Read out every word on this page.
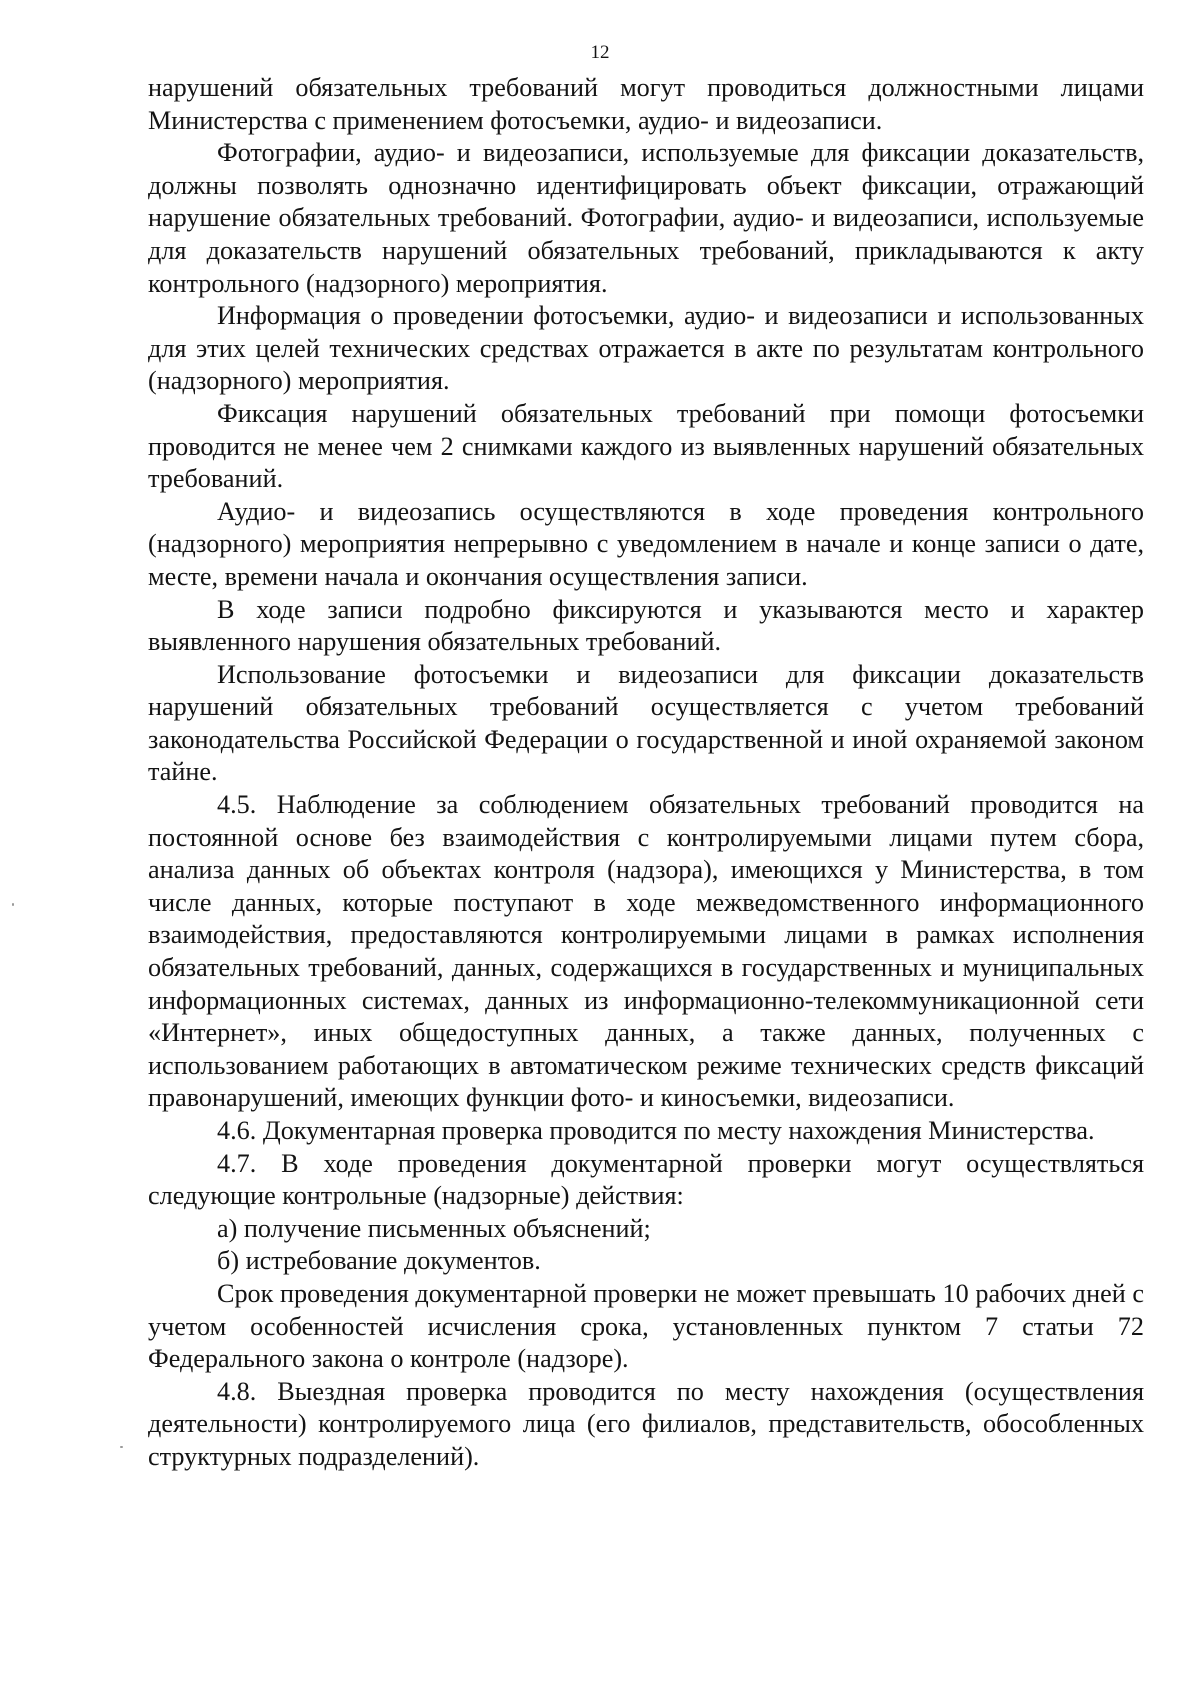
12

нарушений обязательных требований могут проводиться должностными лицами Министерства с применением фотосъемки, аудио- и видеозаписи.

Фотографии, аудио- и видеозаписи, используемые для фиксации доказательств, должны позволять однозначно идентифицировать объект фиксации, отражающий нарушение обязательных требований. Фотографии, аудио- и видеозаписи, используемые для доказательств нарушений обязательных требований, прикладываются к акту контрольного (надзорного) мероприятия.

Информация о проведении фотосъемки, аудио- и видеозаписи и использованных для этих целей технических средствах отражается в акте по результатам контрольного (надзорного) мероприятия.

Фиксация нарушений обязательных требований при помощи фотосъемки проводится не менее чем 2 снимками каждого из выявленных нарушений обязательных требований.

Аудио- и видеозапись осуществляются в ходе проведения контрольного (надзорного) мероприятия непрерывно с уведомлением в начале и конце записи о дате, месте, времени начала и окончания осуществления записи.

В ходе записи подробно фиксируются и указываются место и характер выявленного нарушения обязательных требований.

Использование фотосъемки и видеозаписи для фиксации доказательств нарушений обязательных требований осуществляется с учетом требований законодательства Российской Федерации о государственной и иной охраняемой законом тайне.

4.5. Наблюдение за соблюдением обязательных требований проводится на постоянной основе без взаимодействия с контролируемыми лицами путем сбора, анализа данных об объектах контроля (надзора), имеющихся у Министерства, в том числе данных, которые поступают в ходе межведомственного информационного взаимодействия, предоставляются контролируемыми лицами в рамках исполнения обязательных требований, данных, содержащихся в государственных и муниципальных информационных системах, данных из информационно-телекоммуникационной сети «Интернет», иных общедоступных данных, а также данных, полученных с использованием работающих в автоматическом режиме технических средств фиксаций правонарушений, имеющих функции фото- и киносъемки, видеозаписи.

4.6. Документарная проверка проводится по месту нахождения Министерства.

4.7. В ходе проведения документарной проверки могут осуществляться следующие контрольные (надзорные) действия:

а) получение письменных объяснений;

б) истребование документов.

Срок проведения документарной проверки не может превышать 10 рабочих дней с учетом особенностей исчисления срока, установленных пунктом 7 статьи 72 Федерального закона о контроле (надзоре).

4.8. Выездная проверка проводится по месту нахождения (осуществления деятельности) контролируемого лица (его филиалов, представительств, обособленных структурных подразделений).
